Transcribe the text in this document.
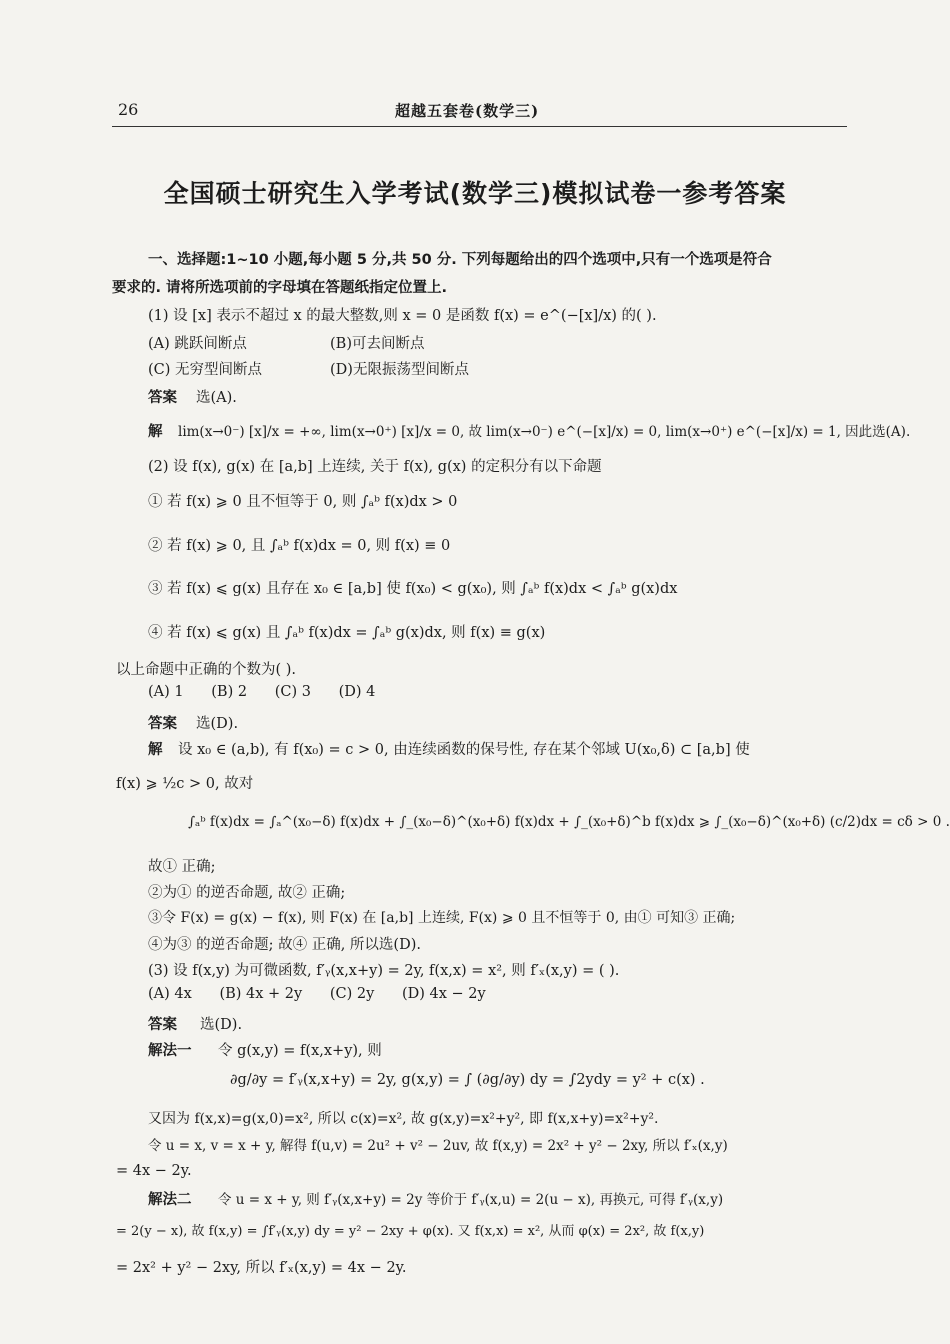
26	超越五套卷(数学三)
全国硕士研究生入学考试(数学三)模拟试卷一参考答案
一、选择题:1~10 小题,每小题 5 分,共 50 分. 下列每题给出的四个选项中,只有一个选项是符合
要求的. 请将所选项前的字母填在答题纸指定位置上.
(1) 设 [x] 表示不超过 x 的最大整数,则 x = 0 是函数 f(x) = e^(−[x]/x) 的( ).
(A) 跳跃间断点	(B)可去间断点
(C) 无穷型间断点	(D)无限振荡型间断点
答案 选(A).
解 lim(x→0⁻) [x]/x = +∞, lim(x→0⁺) [x]/x = 0, 故 lim(x→0⁻) e^(−[x]/x) = 0, lim(x→0⁺) e^(−[x]/x) = 1, 因此选(A).
(2) 设 f(x), g(x) 在 [a,b] 上连续, 关于 f(x), g(x) 的定积分有以下命题
① 若 f(x) ⩾ 0 且不恒等于 0, 则 ∫ₐᵇ f(x)dx > 0
② 若 f(x) ⩾ 0, 且 ∫ₐᵇ f(x)dx = 0, 则 f(x) ≡ 0
③ 若 f(x) ⩽ g(x) 且存在 x₀ ∈ [a,b] 使 f(x₀) < g(x₀), 则 ∫ₐᵇ f(x)dx < ∫ₐᵇ g(x)dx
④ 若 f(x) ⩽ g(x) 且 ∫ₐᵇ f(x)dx = ∫ₐᵇ g(x)dx, 则 f(x) ≡ g(x)
以上命题中正确的个数为( ).
(A) 1      (B) 2      (C) 3      (D) 4
答案 选(D).
解 设 x₀ ∈ (a,b), 有 f(x₀) = c > 0, 由连续函数的保号性, 存在某个邻域 U(x₀,δ) ⊂ [a,b] 使
f(x) ⩾ ½c > 0, 故对
∫ₐᵇ f(x)dx = ∫ₐ^(x₀−δ) f(x)dx + ∫_(x₀−δ)^(x₀+δ) f(x)dx + ∫_(x₀+δ)^b f(x)dx ⩾ ∫_(x₀−δ)^(x₀+δ) (c/2)dx = cδ > 0 .
故① 正确;
②为① 的逆否命题, 故② 正确;
③令 F(x) = g(x) − f(x), 则 F(x) 在 [a,b] 上连续, F(x) ⩾ 0 且不恒等于 0, 由① 可知③ 正确;
④为③ 的逆否命题; 故④ 正确, 所以选(D).
(3) 设 f(x,y) 为可微函数, f′ᵧ(x,x+y) = 2y, f(x,x) = x², 则 f′ₓ(x,y) = ( ).
(A) 4x      (B) 4x + 2y      (C) 2y      (D) 4x − 2y
答案 选(D).
解法一 令 g(x,y) = f(x,x+y), 则
∂g/∂y = f′ᵧ(x,x+y) = 2y, g(x,y) = ∫ (∂g/∂y) dy = ∫2ydy = y² + c(x) .
又因为 f(x,x)=g(x,0)=x², 所以 c(x)=x², 故 g(x,y)=x²+y², 即 f(x,x+y)=x²+y².
令 u = x, v = x + y, 解得 f(u,v) = 2u² + v² − 2uv, 故 f(x,y) = 2x² + y² − 2xy, 所以 f′ₓ(x,y)
= 4x − 2y.
解法二 令 u = x + y, 则 f′ᵧ(x,x+y) = 2y 等价于 f′ᵧ(x,u) = 2(u − x), 再换元, 可得 f′ᵧ(x,y)
= 2(y − x), 故 f(x,y) = ∫f′ᵧ(x,y) dy = y² − 2xy + φ(x). 又 f(x,x) = x², 从而 φ(x) = 2x², 故 f(x,y)
= 2x² + y² − 2xy, 所以 f′ₓ(x,y) = 4x − 2y.
